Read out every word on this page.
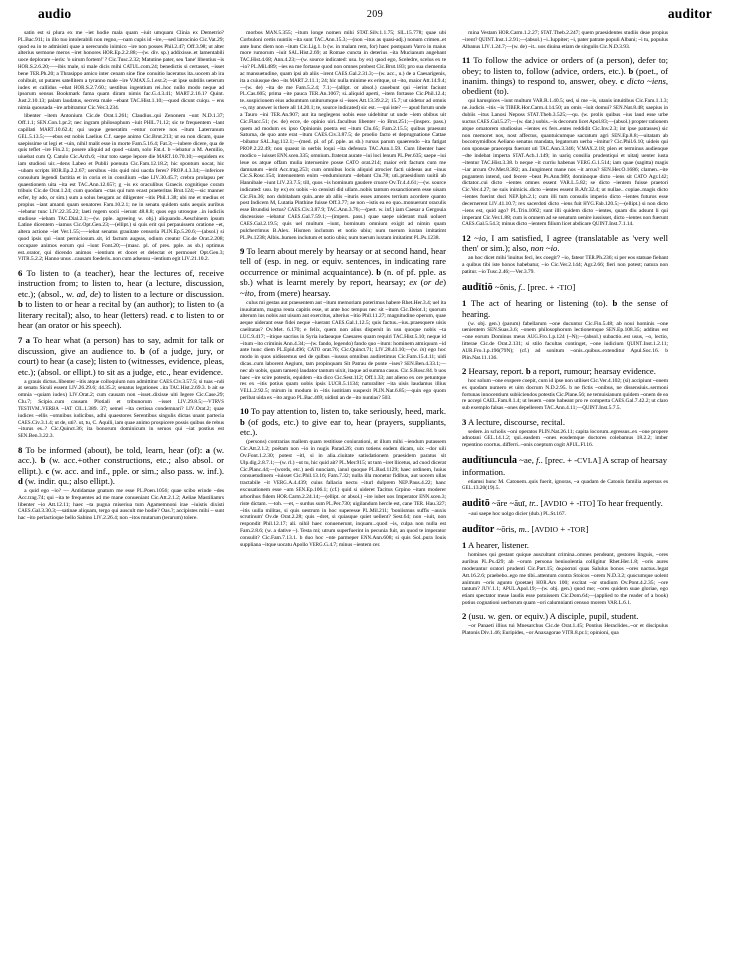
audio	209	auditor

satin est si plura ex me ~iet hodie mala quam ~iuit umquam Clinia ex Demetrio? PL.Bac.911; in illo tuo intolerabili non regno,—nam cupis id ~ire,—sed latrocinio Cic.Vat.29; quod ea in te admisisti quae a uerecundo inimico ~ire non posses Phil.2.47; Off.3.98; ut alter alterius sermone meros ~iret honores HOR.Ep.2.2.88;—(w. div. sp.) addixisse..et lamentabili uoce deplorare ~ieris: 'o uirum fortem!' ? Cic.Tusc.2.32; Matutine pater, seu 'Iane' libentius ~is HOR.S.2.6.20;—~ibis male, si male dicis mihi CATUL.com.24; benedictis si certasset, ~isset bene TER.Ph.20; a Thrasippo amico inter cenam sine fine conuitio laceratus ita..uocem ab ira cohibuit, ut putares satellitem a tyranno male ~ire V.MAX.5.1.ext.2;—at ipse subtilis ueterum iudex et callidus ~ebat HOR.S.2.7.60.; uestibus ingentium rei..hoc nullo modo neque ad ipsorum sensus Bookmark fama quam diram nimis fac.G.4.3.41; MART.2.16.1? Quint. Just.2.10.13; palam laudatus, secreta male ~ebant TAC.Hist.1.10;—quod dicunt cuiqu. ~ ens nimia quousada ~ire arbitramur Cic.Ver.3.234.

libenter ~item Antonium Cic.de Orat.1.261; Claudius..qui Zenonem ~unt N.D.1.37; Off.1.1; SEN.Con.1.pr.2; nec ingram philosophum ~iuit PHIL.71.12; sic te frequentem ~lant capillati MART.10.62.4; qui usque generatim ~entur correre nos ~itum Laterranum GEL.5.13.5;—~ebus est nobis Laelius C.f. saepe animo Cic.Brut.213; ut ea non dicam, quae saepissime ut legi et ~uin, nihil malit esse in morte Fam.5.16.4; Fat.3;—iubere dicere, qua de quis teflet ~ire Fin.2.1; posere aliquid ad quod ~uiam, solo Fat.4. b ~iebatur a M. Aemilio, uiuebat cum Q. Catulo Cic.Arch.6; ~itur toto saepe lepore die MART.10.70.10;—equidem ex iam studiosi uir..~dens Labeo et Publii poenuta Cic.Fam.12.18.2; hic spontum uocat, hic ~ubam scripts HOR.Ep.2.2.67; uersibus ~itis quid nisi uacda feres? PROP.4.3.34;—inferiore consulum legendi factitia et in coria et in consilium ~dae LIV.30.45.7; crebra prolapsu per quaestionem uita ~ita est TAC.Ann.12.65?; g ~is ex oraculibus Graecis cognitique coram tribuis Cic.de Orat.1.24; cum quodam ~ctas qui tum ecast praeteritas Brut.124;—sic manner ecfer, by ado, or sim.) sum a solus beugam ac diligenter ~itis Phil.1.38; ubi me et medius et propius ~iant amanti quam senatores Fam.10.2.1; ne in senatu quidem satis aequis auribus ~iebatur tunc LIV.22.35.22; laeti regem socii ~ierunt 48.8.8; quos ego utrosque ..in iudiciis studiose ~iebam TAC.Dial.2.1;—(w. pple. agreeing w. obj.) aliquando..Aeschinem ipsum Latine dicentem ~iamus Cic.Opt.Gen.23;—(ellipt.) si quis erit qui perpauissem oratione ~et, altera actione ~iet Ver.1.55;—~iebat senatus grauitate censoria PLIN.Ep.5.20.6;—(absol.) si quod ipsis qui ~iunt perniciosum..sit, id factum augeas, odium creatur Cic.de Orat.2.208; occupare animos eorum qui ~iunt Font.20;—(masc. pl. of pres. pple. as sb.) optimus est..orator, qui dicendo animos ~ientium et docet et delectat et permouet Opt.Gen.3; VITR.5.2.2; Hanno unus ..causam foederis..non cum adsensu ~ientium egit LIV.21.10.2.

6 To listen to (a teacher), hear the lectures of, receive instruction from; to listen to, hear (a lecture, discussion, etc.); (absol., w. ad, de) to listen to a lecture or discussion. b to listen to or hear a recital by (an author); to listen to (a literary recital); also, to hear (letters) read. c to listen to or hear (an orator or his speech).

7 a To hear what (a person) has to say, admit for talk or discussion, give an audience to. b (of a judge, jury, or court) to hear (a case); listen to (witnesses, evidence, pleas, etc.); (absol. or ellipt.) to sit as a judge, etc., hear evidence.

a grauis dictus..libenter ~itis atque colloquium non admittitur CAES.Civ.3.57.5; si tuas ~ndi at senatu Siculi essent LIV.26.29.6; 44.35.2; senatus legationes ..ita TAC.Hist.2.69.3. b ait se omnia ~quiam iudex) LIV.Orat.2; cum causam non ~isset..dixisse uiti Iegere Cic.Case.29; Clu.7; Scipio..cum causam Plotiali et tribunorum ~isset LIV.29.8.5;—VTRVS TESTIVM..VERBA ~IAT CIL.1.389. 37; semel ~ita certissa condemnari? LIV.Orat.2; quae iudices ~ellis ~omnibus iudicibus, adhi quaestores Serentibus singulis dictas unant partecia CAES.Civ.3.1.4; ut de, uti?. ut, tu, C. Aquili, iam quae animo prospicere possis quibus de rebus ~iturus es..? Cic.Quinct.36; ita bonorum dominicum in seruos qui ~iat postius est SEN.Ben.3.22.3.

8 To be informed (about), be told, learn, hear (of): a (w. acc.). b (w. acc.+other constructions, etc.; also absol. or ellipt.). c (w. acc. and inf., pple. or sim.; also pass. w. inf.). d (w. indir. qu.; also ellipt.).

a quid ego ~io? — Antidamae gnatum me esse PL.Poen.1056; quae scibo erinde ~des Acc.trag.74; qui ~ita te frequentes ad me mane conueniant Cic.Att.2.1.2; Aeliae Mastiliamrs libenter ~io Att.12.11; haec ~ta pugna miseriua tum Agamemnoni irae ~iuistis dixisti CAES.Gal.3.30.3;—satinae aliquam, tergo qui auscult me hodie? Oas.?; accipistes mihi ~ sunt hac ~ito perlactioque bello Sabino LIV.2.26.4; non ~itos mutarum (terarum) tolere.

morbos MAN.5.355; ~itum longe nomen mihi STAT.Silv.1.1.75; SIL.15.778; quae ubi Corbuloni certis nuntiis ~ita sunt TAC.Ann.15.3;—(non ~itus as quasi-adj.) nonum crimen..et ante hunc diem non ~itum Cic.Lig.1. b (w. in malam rem, for) haec postquam Varro in maius more rumorum ~iuit SAL.Hist.2.69; at Romae cuncta in deterius ~ita Mucianum angebant TAC.Hist.4.68; Ann.4.23;—(w. source indicated: usu. by ex) quod ego, Sceledre, scelus ex te ~io? PL.Mil.489; ~ies ea me fortasse quod non omnes probest Cic.Brut.183; pro sua clementia ac mansuetudine, quam ipsi ab aliis ~irent CAES.Gal.2.31.3;—(w. acc., u.) de a Caesarigenis, ita a cuiusque deo ~its MART.2.11.1; 24; hic nulla minime ex eritque, ut ~ito, maior Att.14.9.4;—(w. de) ~ita de me Fam.5.2.4; 7.1;—(allipt. or absol.) cauebunt qui ~ierint faciunt PL.Cas.605; prima ~ite pauca TER.An.1067; si..aliquid aperti, ~item fortasse Cic.Phil.12.4; te..suspicionem eius adsumtum uniturumque si ~isses Att.13.39.2.2; 15.7; ut uidetur ad omnis ~o, my answer is there all 14.20.1; te, source indicated) sic est. —qui iste? — apud forum unde a Tauro ~ini TER.An.907; aut ita neglegens uobis esse uidebitur ut unde ~iem obibus uit Cic.Flacc.51; (w. de) ecce, de opinio uiri..faculbus libenter ~io Brut.251;—(inspex. pass.) quem ad modum ex ipso Opinionis poetra est ~itum Clu.65; Fam.2.15.5; quibus praesunt Saturna, de quo ante erat ~itum CAES.Civ.3.87.5; de proelio facto et deprugnatione Cattae ~bibatur SAL.Jug.112.1;—(med. pl. of pf. pple. as sb.) rursus parum quaerendo ~ita fatigat PROP.2.22.49; non quaeat in uerbis loqui ~ita defensra TAC.Ann.1.59. Cum libenter haec modico ~ iuisset ENN.scen.335; omnium..fraterat aurate ~iui loci lenum PL.Per.635; saepe ~iui leue os atque offam mulia interuenire posse CATO orat.214; maior erit factum cum me damnatum ~ierit Acc.trag.253; cum omnibus locis aliquid atrocier facti uideeas aut ~inus Cic.S.Rosc.154; intenuentem enim ~endumiurum ~debant Clu.78; uti..praesidium uuitii ab Hannibale ~iunt LIV.23.7.5; till, quos ~is hominum gaudere cruore Ov.Tr.4.4.61;—(w. source indicated: usu. by ex) ex uobis ~io censisti did ullam..nobis tantum exsanctionem esse uisam Cic.Fin.36; non dubitabam quin..ante ab allis ~ituris esses amores terrium acordere quanto post Indicem M, Lutatia Pinthine fuisse Off.3.77; ae non ~istis ea eo quo..monuerunt oraculis esse Brundisi lectus? CAES.Civ.3.87.9; TAC.Ann.3.76;—(pert. w. inf.) iam Caesar a Gergouia discessisse ~iebatur CAES.Gal.7.59.1;—(impers. pass.) quae saepe uiderant mali uoluert CAES.Gal.2.19.5; quis uel multum ~iunt, hominum omnium exigit ad nimin quam pulcherrimus B.Alex. Hismen inclutum et notio ubiu; num tuerum iuxtan imitatimt PL.Ps.1238; Albis..humen inclutum et notio ubiu; num tuerum iuxtam imitatimt PL.Ps.1238.

9 To learn about merely by hearsay or at second hand, hear tell of (esp. in neg. or equiv. sentences, in indicating rare occurrence or minimal acquaintance). b (n. of pf. pple. as sb.) what is learnt merely by report, hearsay; ex (or de) ~ito, from (mere) hearsay.

culus mi gestas aut praesentem aut ~itum memoriam poterimus habere Rhet.Her.3.4; uel ita inuuitatum, magna reuta capitis esse, ut ante hoc tempus nec sit ~itum Cic.Deiot.1; quorum alterum ius nobis aut uisum aut exercitus, alterius ~itio Phil.11.27; magnitudine operum, quae aeque uiderant esse fidei neque ~iuerant CAES.Gal.1.12.5; quis factus..~ius..praesquere uisis caelitatas? Ov.Met. 6.170; e felix, quem non alius dispersit in usu quoque nobis ~ta LUC.9.417; ~itique sacrius in Syria iudaeaque Caesares quam requiri TAC.Hist.5.10; neque id ~itum ~ito criminis Ann.4.34;—(w. fando, legendo) fando quo ~itum: hominem atmiquum ~id ante hunc diem PL.Epid.496; CATO orat.76; Cic.Quinct.71; LIV.28.41.10;—(w. in) ego hoc modo in quos uidissemus sed de qulbus ~iussus omnibus audiretimus Cic.Fam.15.4.11; uidi dicas..cum laborent Aegium, tam propinquam Sit Patrau de ponte ~ises? SEN.Ben.4.33.1;—nec ab uobis, quam tamen) laudator tantum uixit, itaque ad summa casus. Cic.S.Rosc.84. b uos haec ~ire scire potestis, equidem ~ita dico Cic.Sest.112; Off.1.33; ant alieno ex ore petuntque res ex ~itis potius quam uobis ipsis LUCR.5.1134; naturaliter ~ita uisis laudamus illius VELL.2.92.5; mirum in modum in ~itis iustitiam suspexit PLIN.Nat.6.85;—quin ego quom peribat uida ex ~ito arguo PL.Bac.469; uidisti an de ~ito nuntias? 503.

10 To pay attention to, listen to, take seriously, heed, mark. b (of gods, etc.) to give ear to, hear (prayers, suppliants, etc.).

(persons) contrarias mallem quam restitisse coniurationi, ut illum mihi ~iendum putassem Cic.Att.2.1.2; poëtam non ~io in nugis Parad.26; cum totiens eadem dicam, uix ~dor uili Ov.Font.1.2.30; potest ~itl, si in alia..ciuitate satisdationem praesidem paratus sit Ulp.dig.2.8.7.1;—(w. rl.) ~ut tu, hic quid ait? PL.Mer.915; ut tum ~iret llicetus, ad cuod dicerat Cic.Planc.44;—(words, etc.) aedi nunciam, ianul quoque PL.Rud.1129; haec ordinem, huius consuetudinem ~iuisset Cic.Phil.13.16; Fam.7.32; nulla illa monetur fidibus, aut uocem ullas tractabile ~it VERG.A.4.439; cuius fallacia nectu ~iturl dulprem NEP.Paus.4.22; hanc excusationem esse ~am SEN.Ep.106.1; (cf.) quid si uideret Tacitus Grpino ~itam moderer arborihus fidem HOR.Carm.2.24.14;—(ellipt. or absol.) ~ire iubet uos Imperator ENN.scen.3; riste dictam. —toh. —et, ~ surdus sum PL.Per.730; uigilandum hercle est, cane TER. Hau.327; ~itis uulla militas, si quis uestrum in hoc superesse PL.Mil.211; 'boniismus suffis ~auxis scrutinum' Ov.de Orat.2.28; quis ~dret, si quiasque quiet uellent? Sest.64; non ~iuit, non respondit Phil.12.17; ali. nihil haec conuenerunt, inquam...quod ~is, culpa non nulla est Fam.2.8.6; (w. a dative ~). Testa mi; utrum superfuerint in pecunia fuit, an quod te imperator consulit? Cic.Fam.7.13.1. b duo hoc ~nte parmeper ENN.Ann.608; si quis Sol..pura Iouis suppliana ~itque uocatu Apollo VERG.G.4.7; minus ~ientem cer.

mina Vestam HOR.Carm.1.2.27; STAT.Theb.2.247; quem praesidentes studiis deae propius ~irent? QUINT.Inst.1.2.91;—(absol.) ~i..Iuppiter; ~i, pater patrate populi Albani; ~i tu, populus Albanus LIV.1.24.7;—(w. de) ~it.. uos diuina etiam de singulis Cic.N.D.3.93.

11 To follow the advice or orders of (a person), defer to; obey; to listen to, follow (advice, orders, etc.). b (poet., of inanim. things) to respond to, answer, obey. c dicto ~iens, obedient (to).

qui haruspices ~iunt multum VAR.R.1.40.5; sed, si me ~is, utanis intuitibus Cic.Fam.1.1.3; ne..iudicis ~itis ~is TIBER.Hor.Carm.4.14.50; an omis ~iuit domui? SEN.Nat.8.48; saepius in dubiis ~itus Lanosi Neposs STAT.Theb.3.525;—qu. (w. prolis quibus ~ius laud esse urbe suctus CAES.Gal.5.27;—(w. dat.) uobis..~is decorum licet Apol.83;—(absol.) propter rationem atque ornatorem studiosius ~ientes ex fers..entes reddidit Cic.Inv.2.3; int ipse patrasses) sic non memoret nos, nost affectus, quantuicumque sacratum agri SEN.Ep.8.8;—uitatam ab bocomymidbos Aeliano senatus mandata, legatorum uerba ~imitur? Cic.Phil.6.10; uideis qui non sponsae praecepta fuerunt uti TAC.Ann.3.346; V.MAX.2.18; plen et terminus audienque ~dte indebat imperta STAT.Ach.1.149; in uariq consilia prudentiqui et uitatj uenter iusta ~itentur TAC.Hist.3.38. b neque ~it curriu habenas VERG.G.1.514; iam quae (sagitta) magis ~iar arcum Ov.Met.8.382; an..Iungiment mane nos ~it arcus? SEN.Her.O.1686; clamen..~ite pugantem intend, uod fecere ~beat Ps.Ann.989; dominoque dicto ~iens sit CATO Agr.142; dictator..cui dicto ~ientes omnes essent VAR.L.5.82; se dicto ~ientem fuisse praetori Cic.Ver.4.27; ne suis inimicis..dicto ~ientes essent B.Afr.32.4; ut nullae.. copiae..magis dicto ~ientes fuerint duci NEP.Iph.2.1; cum illi tum consulis imperio dicto ~ientes futuros esse decernerent LIV.41.10.7; rex sacerdoti dicto ~iens fuit HYG.Fab.120.5;—(ellipt.) si non dicto ~iens est, quid ago? PL.Trin.1062; sunt illi quidem dicto ~ientes, quam diu adsunt li qui imperant Cic.Ver.1.88; cum is omnem ad se senatum uenire iussisset, dicto ~ientes non fuerunt CAES.Gal.5.54.3; minus dicto ~ientem filium licet abdicare QUINT.Inst.7.1.14.

12 ~io, I am satisfied, I agree (translatable as 'very well then' or sim.); also, non ~io.

an hoc dicet mihi 'inuitus feci, lex coegit'? ~io, fateor TER.Ph.236; si per eos statuae fiebant a quibus tibi iste honos habebatur, ~io Cic.Ver.2.144; Agr.2.66; fieri non potest; natura non patitur. ~io Tusc.2.46;—Ver.3.79.

audītiō ~ōnis, f.. [prec. + -TIO]

1 The act of hearing or listening (to). b the sense of hearing.

(w. obj. gen.) (parum) fabellarum ~one ducuntur Cic.Fin.5.48; ab noui hominis ~one uenientem SEN.Suas.3.6; ~onem philosophorum lectionemque SEN.Ep.108.35; additus est ~one eorum Dominus meus AUG.Fro.1.p.124 (~N);—(absol.) subactio..est usus, ~o, lectio, litterae Cic.de Orat.2.131; si stilo facultas continget, ~one iudicium QUINT.Inst.1.2.11; AUR.Fro.1.p.196(79N); (cf.) ad sonitum ~onis..quibus..extenditur Apul.Soc.16. b Plin.Nat.11.136.

2 Hearsay, report. b a report, rumour; hearsay evidence.

hoc solum ~one exspere coepit, cum id ipse non utiliset Cic.Ver.4.102; (si) accipiunt ~onem ex quodam numero et uim docrum N.D.2.95. b ne fictis ~onibus, ne dissensiuis..sermoni fortunas innocentium subiiciendos potestis Cic.Plane.56; ne temuisianum quidem ~onem de ea re accepi CAEL.Fam.8.1.4; ut leuem ~onte habeant pro re comperta CAES.Gal.7.42.2; ut claro sub exemplo falsas ~ones depellerem TAC.Ann.4.11;—QUINT.Inst.5.7.5.

3 A lecture, discourse, recital.

sedere..in scholis ~oni operatos PLIN.Nat.26.11; capita locorum..egressus..ex ~one propere adnotani GEL.14.1.2; qui..easdem ~ones eosdemque doctores colebamus 18.2.2; imber repentino coortus..differri..~onis coeptum cogit APUL.Fl.16.

audītiuncula ~ae, f.. [prec. + -CVLA] A scrap of hearsay information.

etiamsi hunc M. Catonem..quis fuerit, ignoras, ~a quadam de Catonis familia aspersus es GEL.13.20(19).5.

auditō ~āre ~āuī, tr.. [AVDIO + -ITO] To hear frequently.

~aui saepe hoc uolgo dicier (dub.) PL.St.167.

audītor ~ōris, m.. [AVDIO + -TOR]

1 A hearer, listener.

homines qui gestant quique auscultant crimina..omnes pendeant, gestores linguis, ~ores auribus PL.Ps.429; ab ~orum persona beniuolentia colligitur Rhet.Her.1.8; ~oris aures moderantur oratori prudenti Cic.Part.15; ἀκροαταί quas Salulus bonos ~ores nactus..legat Att.16.2.6; praebebo..ego me tibi..attentum contra Stoicos ~orem N.D.3.2; quocumque uolent animum ~oris agunto (poetae) HOR.Ars 100; excitat ~or studium Ov.Pont.4.2.35; ~ore tantum? JUV.1.1; APUL.Apol.19;—(w. obj. gen.) quod me; ~ores quidem suae gloriae, ego etiam spectator meae laudis esse potuissem Cic.Dom.64;—(applied to the reader of a book) potius cognationi uerborum quam ~ori calumnianti censuo morem VAR.L.6.1.

2 (usu. w. gen. or equiv.) A disciple, pupil, student.

~or Panaeti illius tui Mnesarchus Cic.de Orat.1.45; Pontius Heraclides..~or et discipulus Platonis Div.1.46; Euripides, ~or Anaxagorae VITR.8.pr.1; opinioni, qua
